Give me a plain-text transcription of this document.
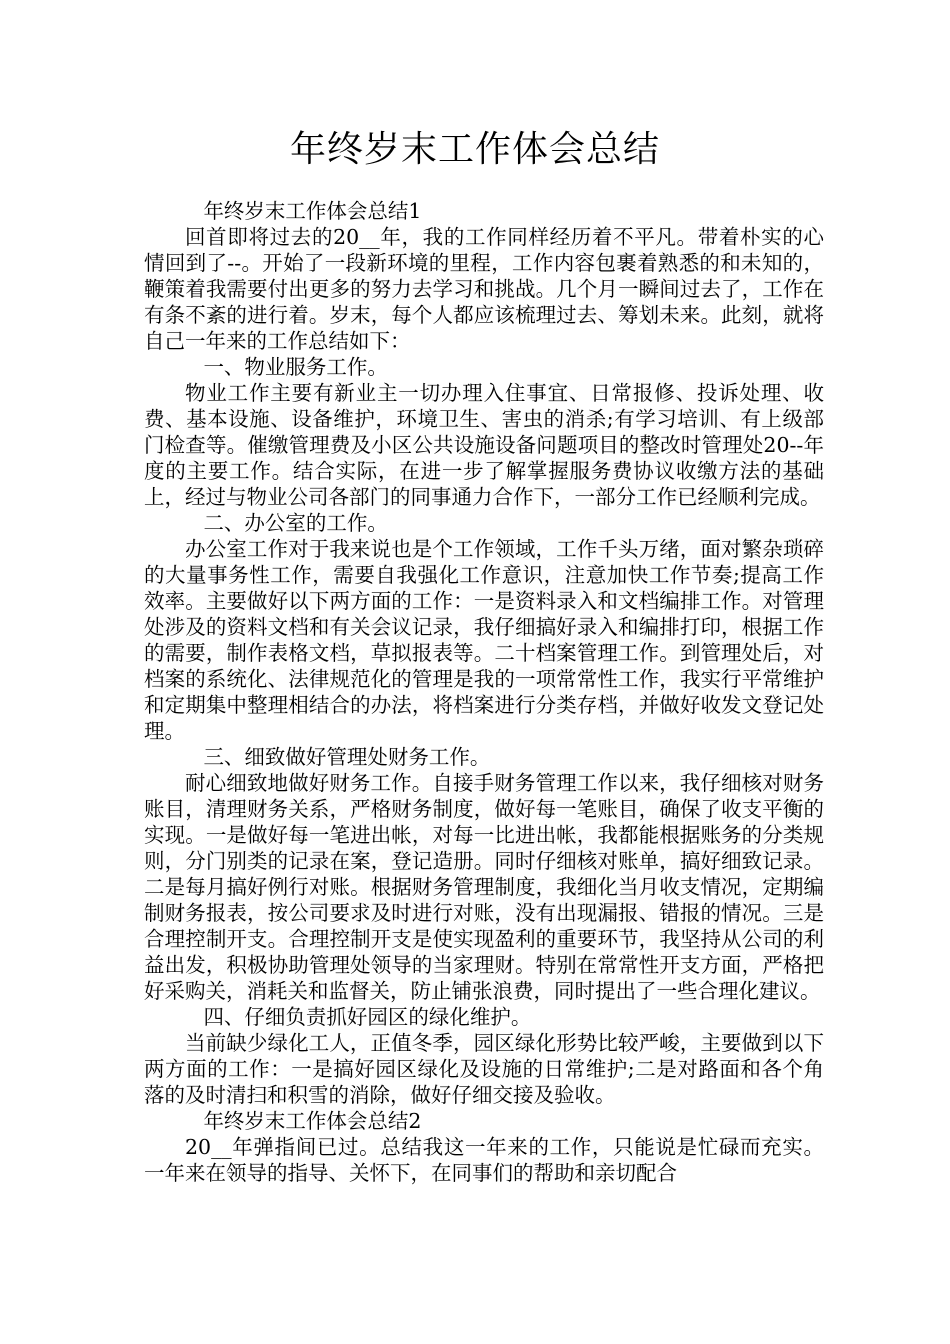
年终岁末工作体会总结

年终岁末工作体会总结1

回首即将过去的20__年，我的工作同样经历着不平凡。带着朴实的心情回到了--。开始了一段新环境的里程，工作内容包裹着熟悉的和未知的，鞭策着我需要付出更多的努力去学习和挑战。几个月一瞬间过去了，工作在有条不紊的进行着。岁末，每个人都应该梳理过去、筹划未来。此刻，就将自己一年来的工作总结如下：

一、物业服务工作。

物业工作主要有新业主一切办理入住事宜、日常报修、投诉处理、收费、基本设施、设备维护，环境卫生、害虫的消杀;有学习培训、有上级部门检查等。催缴管理费及小区公共设施设备问题项目的整改时管理处20--年度的主要工作。结合实际，在进一步了解掌握服务费协议收缴方法的基础上，经过与物业公司各部门的同事通力合作下，一部分工作已经顺利完成。

二、办公室的工作。

办公室工作对于我来说也是个工作领域，工作千头万绪，面对繁杂琐碎的大量事务性工作，需要自我强化工作意识，注意加快工作节奏;提高工作效率。主要做好以下两方面的工作：一是资料录入和文档编排工作。对管理处涉及的资料文档和有关会议记录，我仔细搞好录入和编排打印，根据工作的需要，制作表格文档，草拟报表等。二十档案管理工作。到管理处后，对档案的系统化、法律规范化的管理是我的一项常常性工作，我实行平常维护和定期集中整理相结合的办法，将档案进行分类存档，并做好收发文登记处理。

三、细致做好管理处财务工作。

耐心细致地做好财务工作。自接手财务管理工作以来，我仔细核对财务账目，清理财务关系，严格财务制度，做好每一笔账目，确保了收支平衡的实现。一是做好每一笔进出帐，对每一比进出帐，我都能根据账务的分类规则，分门别类的记录在案，登记造册。同时仔细核对账单，搞好细致记录。二是每月搞好例行对账。根据财务管理制度，我细化当月收支情况，定期编制财务报表，按公司要求及时进行对账，没有出现漏报、错报的情况。三是合理控制开支。合理控制开支是使实现盈利的重要环节，我坚持从公司的利益出发，积极协助管理处领导的当家理财。特别在常常性开支方面，严格把好采购关，消耗关和监督关，防止铺张浪费，同时提出了一些合理化建议。

四、仔细负责抓好园区的绿化维护。

当前缺少绿化工人，正值冬季，园区绿化形势比较严峻，主要做到以下两方面的工作：一是搞好园区绿化及设施的日常维护;二是对路面和各个角落的及时清扫和积雪的消除，做好仔细交接及验收。

年终岁末工作体会总结2

20__年弹指间已过。总结我这一年来的工作，只能说是忙碌而充实。一年来在领导的指导、关怀下，在同事们的帮助和亲切配合
